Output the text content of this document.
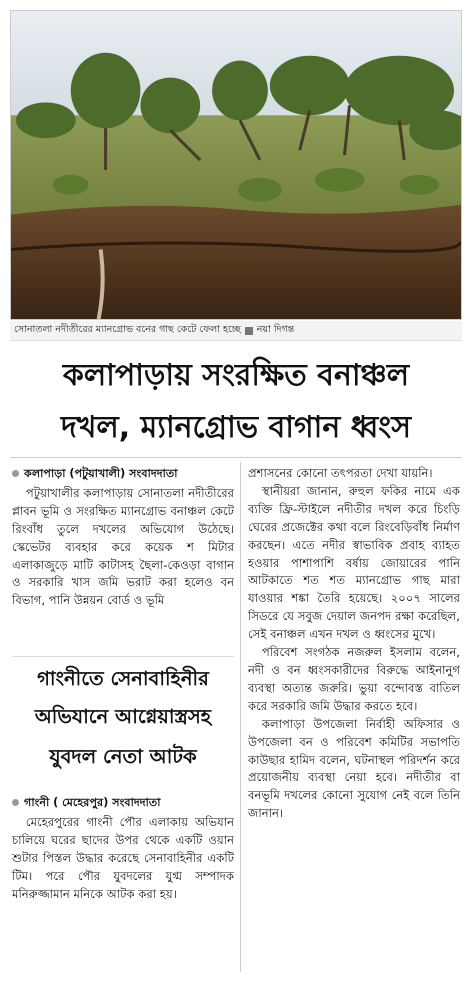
সোনাতলা নদীতীরের ম্যানগ্রোভ বনের গাছ কেটে ফেলা হচ্ছে নয়া দিগন্ত
কলাপাড়ায় সংরক্ষিত বনাঞ্চল
দখল, ম্যানগ্রোভ বাগান ধ্বংস
কলাপাড়া (পটুয়াখালী) সংবাদদাতা

পটুয়াখালীর কলাপাড়ায় সোনাতলা নদীতীরের প্লাবন ভূমি ও সংরক্ষিত ম্যানগ্রোভ বনাঞ্চল কেটে রিংবাঁধ তুলে দখলের অভিযোগ উঠেছে। স্কেভেটর ব্যবহার করে কয়েক শ মিটার এলাকাজুড়ে মাটি কাটাসহ ছৈলা-কেওড়া বাগান ও সরকারি খাস জমি ভরাট করা হলেও বন বিভাগ, পানি উন্নয়ন বোর্ড ও ভূমি

প্রশাসনের কোনো তৎপরতা দেখা যায়নি।

স্থানীয়রা জানান, রুহুল ফকির নামে এক ব্যক্তি ফ্রি-স্টাইলে নদীতীর দখল করে চিংড়ি ঘেরের প্রজেক্টের কথা বলে রিংবেড়িবাঁধ নির্মাণ করছেন। এতে নদীর স্বাভাবিক প্রবাহ ব্যাহত হওয়ার পাশাপাশি বর্ষায় জোয়ারের পানি আটকাতে শত শত ম্যানগ্রোভ গাছ মারা যাওয়ার শঙ্কা তৈরি হয়েছে। ২০০৭ সালের সিডরে যে সবুজ দেয়াল জনপদ রক্ষা করেছিল, সেই বনাঞ্চল এখন দখল ও ধ্বংসের মুখে।

পরিবেশ সংগঠক নজরুল ইসলাম বলেন, নদী ও বন ধ্বংসকারীদের বিরুদ্ধে আইনানুগ ব্যবস্থা অত্যন্ত জরুরি। ভুয়া বন্দোবস্ত বাতিল করে সরকারি জমি উদ্ধার করতে হবে।

কলাপাড়া উপজেলা নির্বাহী অফিসার ও উপজেলা বন ও পরিবেশ কমিটির সভাপতি কাউছার হামিদ বলেন, ঘটনাস্থল পরিদর্শন করে প্রয়োজনীয় ব্যবস্থা নেয়া হবে। নদীতীর বা বনভূমি দখলের কোনো সুযোগ নেই বলে তিনি জানান।

গাংনীতে সেনাবাহিনীর
অভিযানে আগ্নেয়াস্ত্রসহ
যুবদল নেতা আটক
গাংনী ( মেহেরপুর) সংবাদদাতা

মেহেরপুরের গাংনী পৌর এলাকায় অভিযান চালিয়ে ঘরের ছাদের উপর থেকে একটি ওয়ান শুটার পিস্তল উদ্ধার করেছে সেনাবাহিনীর একটি টিম। পরে পৌর যুবদলের যুগ্ম সম্পাদক মনিরুজ্জামান মনিকে আটক করা হয়।
